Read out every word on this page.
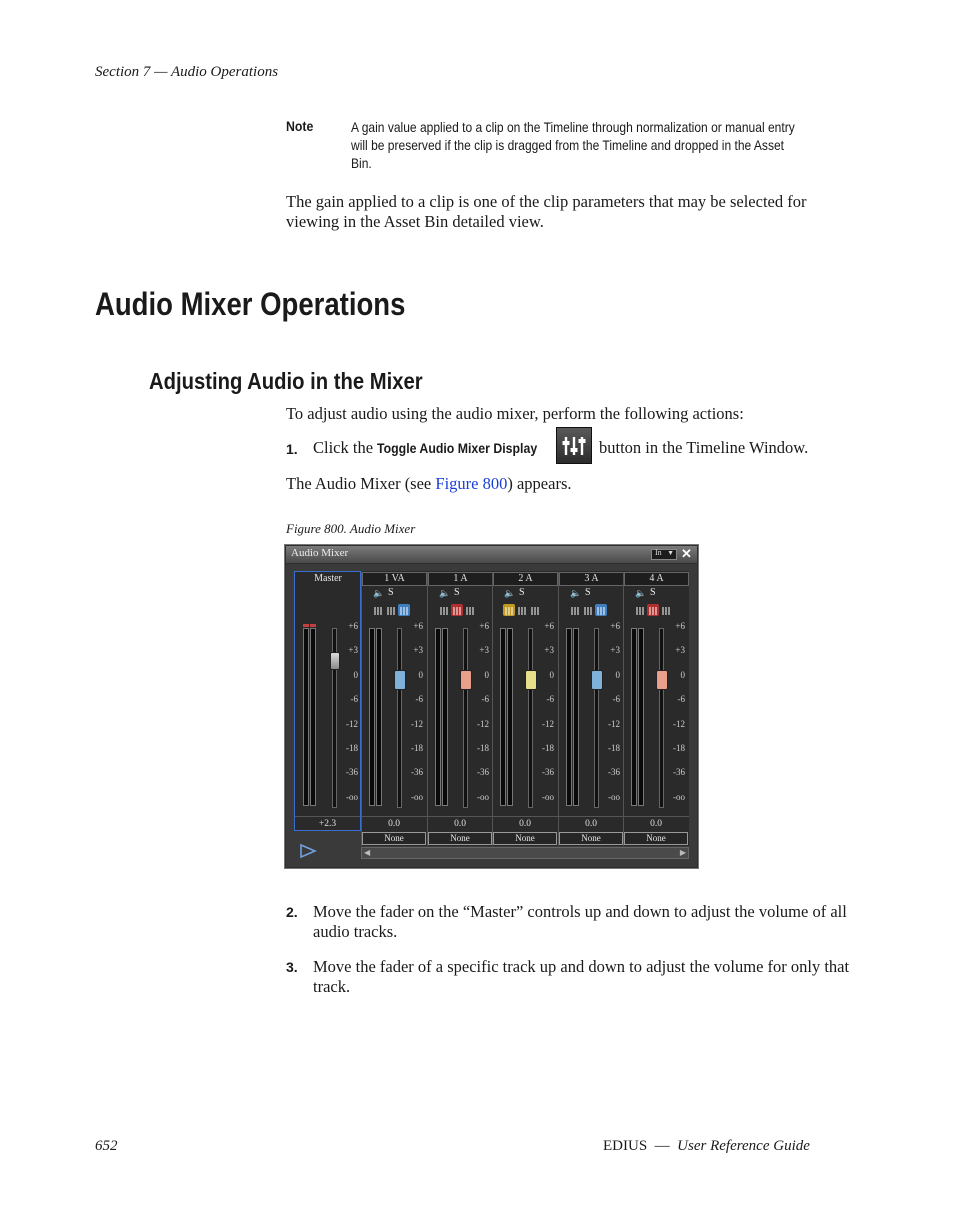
Section 7 — Audio Operations
Note	A gain value applied to a clip on the Timeline through normalization or manual entry will be preserved if the clip is dragged from the Timeline and dropped in the Asset Bin.
The gain applied to a clip is one of the clip parameters that may be selected for viewing in the Asset Bin detailed view.
Audio Mixer Operations
Adjusting Audio in the Mixer
To adjust audio using the audio mixer, perform the following actions:
1. Click the Toggle Audio Mixer Display	button in the Timeline Window.
The Audio Mixer (see Figure 800) appears.
Figure 800. Audio Mixer
Audio Mixer	In ▼ ✕
Master
+6
+3
0
-6
-12
-18
-36
-oo
+2.3
1 VA
🔈 S
+6
+3
0
-6
-12
-18
-36
-oo
0.0
None
1 A
🔈 S
+6
+3
0
-6
-12
-18
-36
-oo
0.0
None
2 A
🔈 S
+6
+3
0
-6
-12
-18
-36
-oo
0.0
None
3 A
🔈 S
+6
+3
0
-6
-12
-18
-36
-oo
0.0
None
4 A
🔈 S
+6
+3
0
-6
-12
-18
-36
-oo
0.0
None
◀	▶
2. Move the fader on the “Master” controls up and down to adjust the volume of all audio tracks.
3. Move the fader of a specific track up and down to adjust the volume for only that track.
652	EDIUS  —  User Reference Guide
